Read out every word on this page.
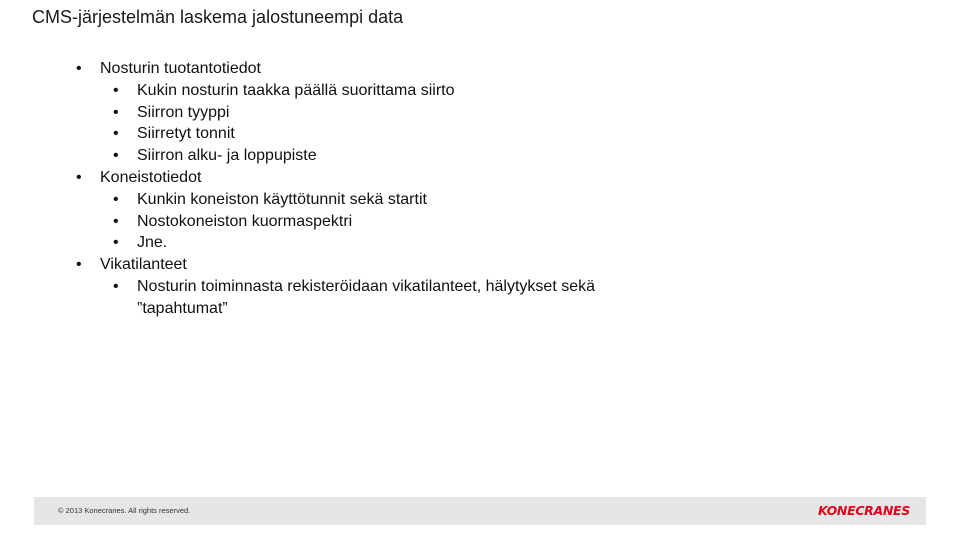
CMS-järjestelmän laskema jalostuneempi data
• Nosturin tuotantotiedot
• Kukin nosturin taakka päällä suorittama siirto
• Siirron tyyppi
• Siirretyt tonnit
• Siirron alku- ja loppupiste
• Koneistotiedot
• Kunkin koneiston käyttötunnit sekä startit
• Nostokoneiston kuormaspektri
• Jne.
• Vikatilanteet
• Nosturin toiminnasta rekisteröidaan vikatilanteet, hälytykset sekä ”tapahtumat”
© 2013 Konecranes. All rights reserved.	KONECRANES
